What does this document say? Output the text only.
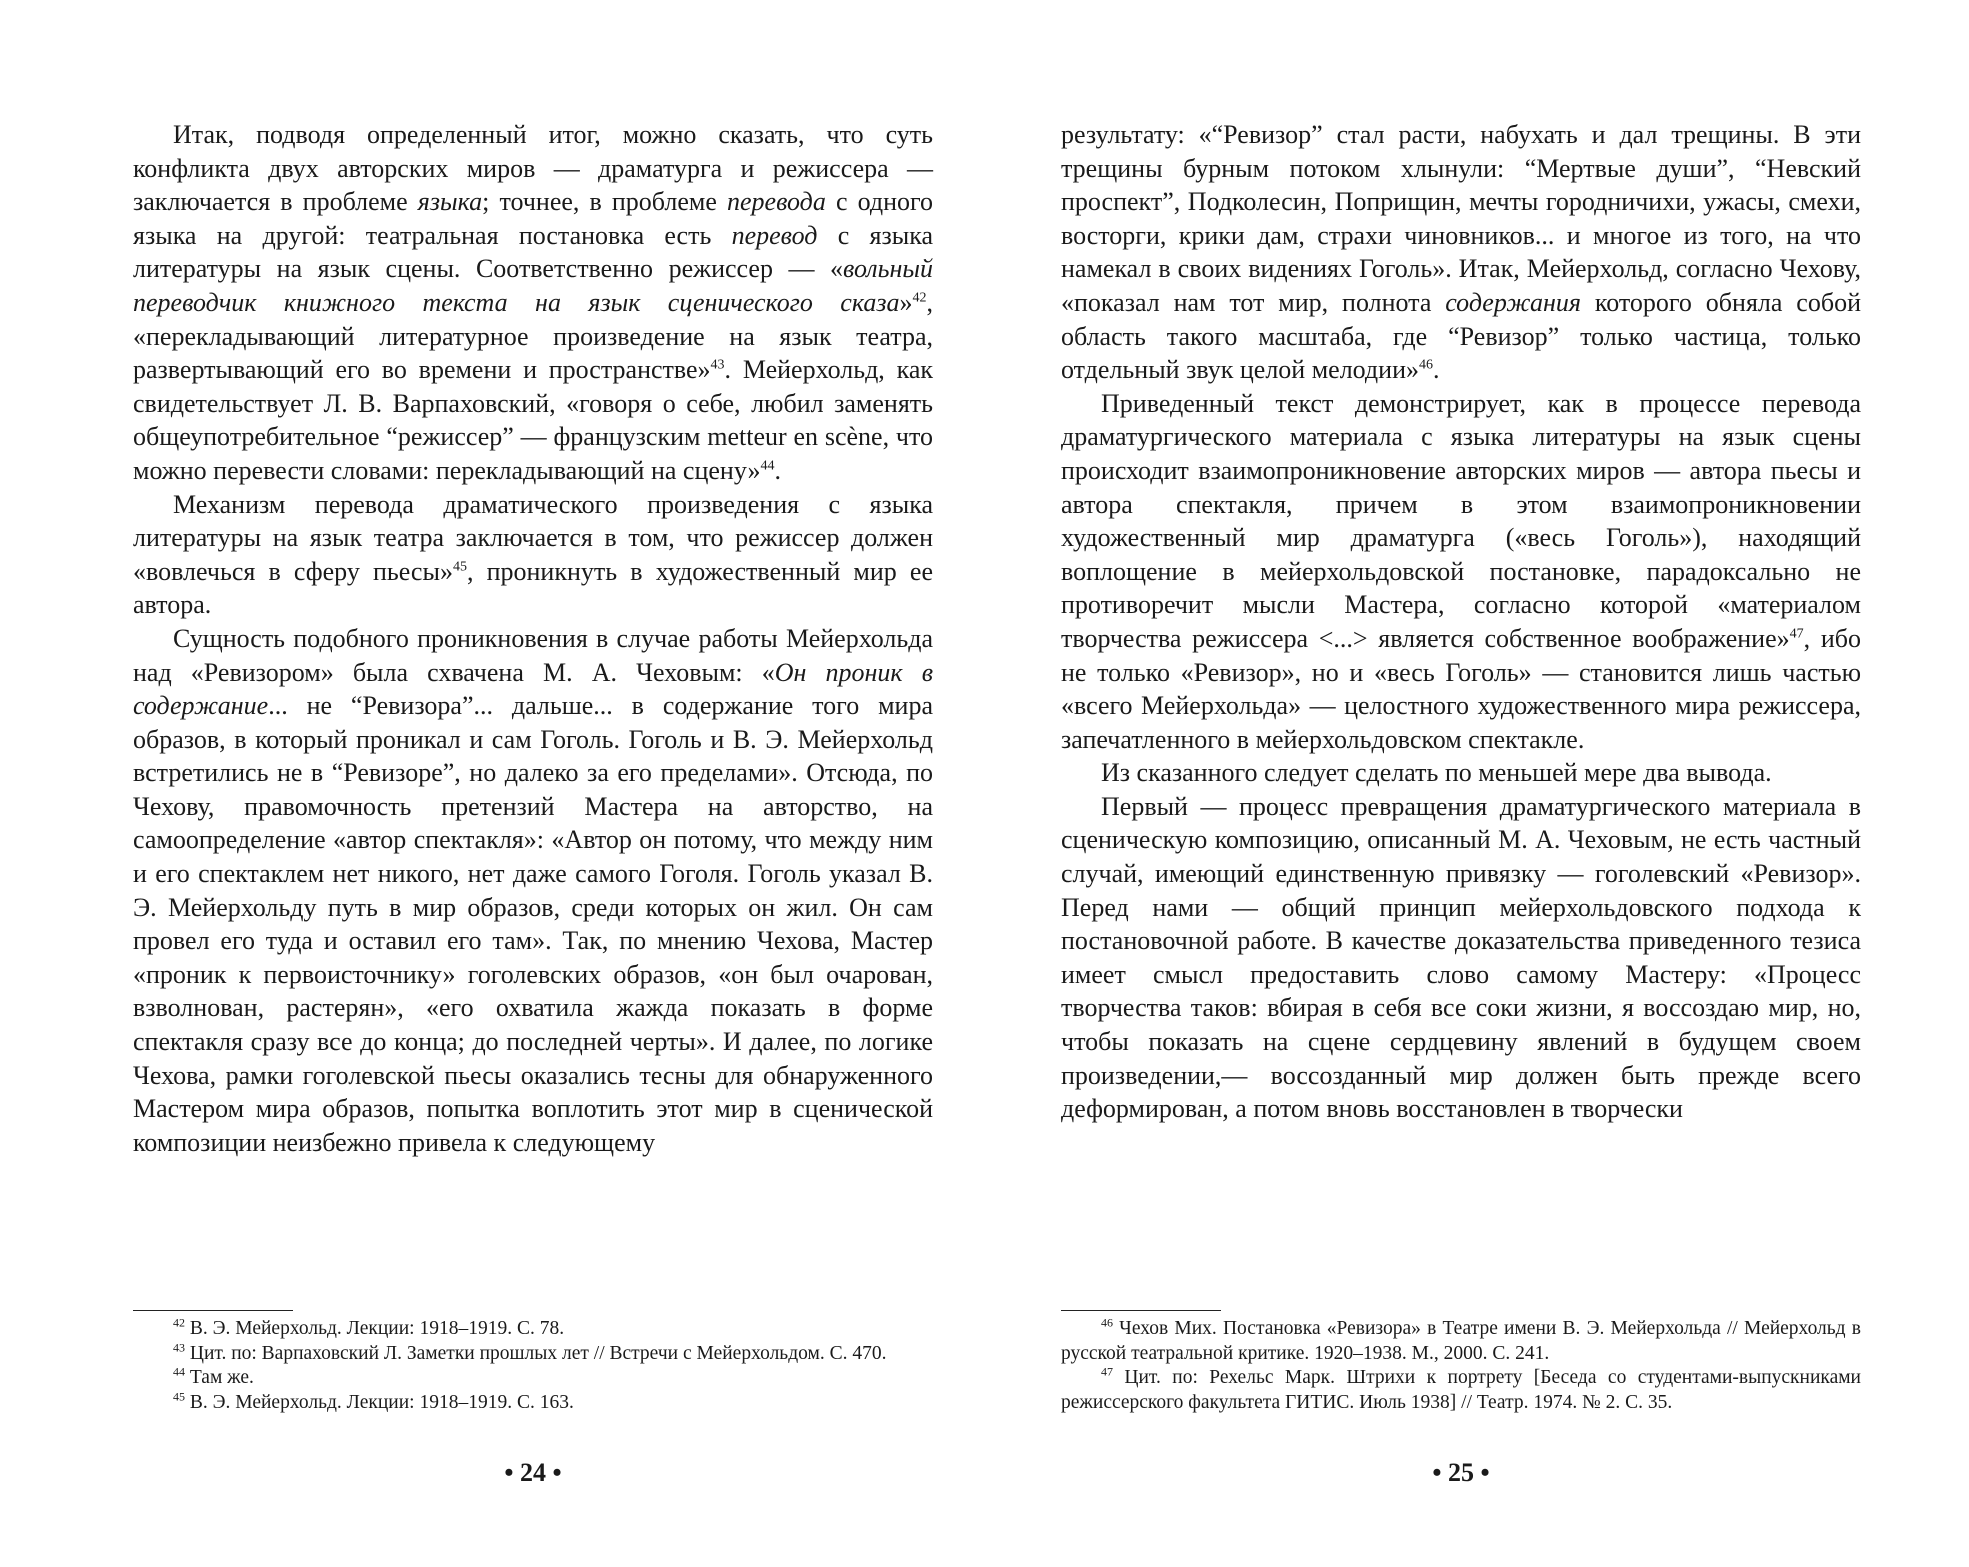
Итак, подводя определенный итог, можно сказать, что суть конфликта двух авторских миров — драматурга и режиссера — заключается в проблеме языка; точнее, в проблеме перевода с одного языка на другой: театральная постановка есть перевод с языка литературы на язык сцены. Соответственно режиссер — «вольный переводчик книжного текста на язык сценического сказа»$^{42}$, «перекладывающий литературное произведение на язык театра, развертывающий его во времени и пространстве»$^{43}$. Мейерхольд, как свидетельствует Л. В. Варпаховский, «говоря о себе, любил заменять общеупотребительное “режиссер” — французским metteur en scène, что можно перевести словами: перекладывающий на сцену»$^{44}$.

Механизм перевода драматического произведения с языка литературы на язык театра заключается в том, что режиссер должен «вовлечься в сферу пьесы»$^{45}$, проникнуть в художественный мир ее автора.

Сущность подобного проникновения в случае работы Мейерхольда над «Ревизором» была схвачена М. А. Чеховым: «Он проник в содержание... не “Ревизора”... дальше... в содержание того мира образов, в который проникал и сам Гоголь. Гоголь и В. Э. Мейерхольд встретились не в “Ревизоре”, но далеко за его пределами». Отсюда, по Чехову, правомочность претензий Мастера на авторство, на самоопределение «автор спектакля»: «Автор он потому, что между ним и его спектаклем нет никого, нет даже самого Гоголя. Гоголь указал В. Э. Мейерхольду путь в мир образов, среди которых он жил. Он сам провел его туда и оставил его там». Так, по мнению Чехова, Мастер «проник к первоисточнику» гоголевских образов, «он был очарован, взволнован, растерян», «его охватила жажда показать в форме спектакля сразу все до конца; до последней черты». И далее, по логике Чехова, рамки гоголевской пьесы оказались тесны для обнаруженного Мастером мира образов, попытка воплотить этот мир в сценической композиции неизбежно привела к следующему

$^{42}$ В. Э. Мейерхольд. Лекции: 1918–1919. С. 78.

$^{43}$ Цит. по: Варпаховский Л. Заметки прошлых лет // Встречи с Мейерхольдом. С. 470.

$^{44}$ Там же.

$^{45}$ В. Э. Мейерхольд. Лекции: 1918–1919. С. 163.

• 24 •

результату: «“Ревизор” стал расти, набухать и дал трещины. В эти трещины бурным потоком хлынули: “Мертвые души”, “Невский проспект”, Подколесин, Поприщин, мечты городничихи, ужасы, смехи, восторги, крики дам, страхи чиновников... и многое из того, на что намекал в своих видениях Гоголь». Итак, Мейерхольд, согласно Чехову, «показал нам тот мир, полнота содержания которого обняла собой область такого масштаба, где “Ревизор” только частица, только отдельный звук целой мелодии»$^{46}$.

Приведенный текст демонстрирует, как в процессе перевода драматургического материала с языка литературы на язык сцены происходит взаимопроникновение авторских миров — автора пьесы и автора спектакля, причем в этом взаимопроникновении художественный мир драматурга («весь Гоголь»), находящий воплощение в мейерхольдовской постановке, парадоксально не противоречит мысли Мастера, согласно которой «материалом творчества режиссера <...> является собственное воображение»$^{47}$, ибо не только «Ревизор», но и «весь Гоголь» — становится лишь частью «всего Мейерхольда» — целостного художественного мира режиссера, запечатленного в мейерхольдовском спектакле.

Из сказанного следует сделать по меньшей мере два вывода.

Первый — процесс превращения драматургического материала в сценическую композицию, описанный М. А. Чеховым, не есть частный случай, имеющий единственную привязку — гоголевский «Ревизор». Перед нами — общий принцип мейерхольдовского подхода к постановочной работе. В качестве доказательства приведенного тезиса имеет смысл предоставить слово самому Мастеру: «Процесс творчества таков: вбирая в себя все соки жизни, я воссоздаю мир, но, чтобы показать на сцене сердцевину явлений в будущем своем произведении,— воссозданный мир должен быть прежде всего деформирован, а потом вновь восстановлен в творчески

$^{46}$ Чехов Мих. Постановка «Ревизора» в Театре имени В. Э. Мейерхольда // Мейерхольд в русской театральной критике. 1920–1938. М., 2000. С. 241.

$^{47}$ Цит. по: Рехельс Марк. Штрихи к портрету [Беседа со студентами-выпускниками режиссерского факультета ГИТИС. Июль 1938] // Театр. 1974. № 2. С. 35.

• 25 •
